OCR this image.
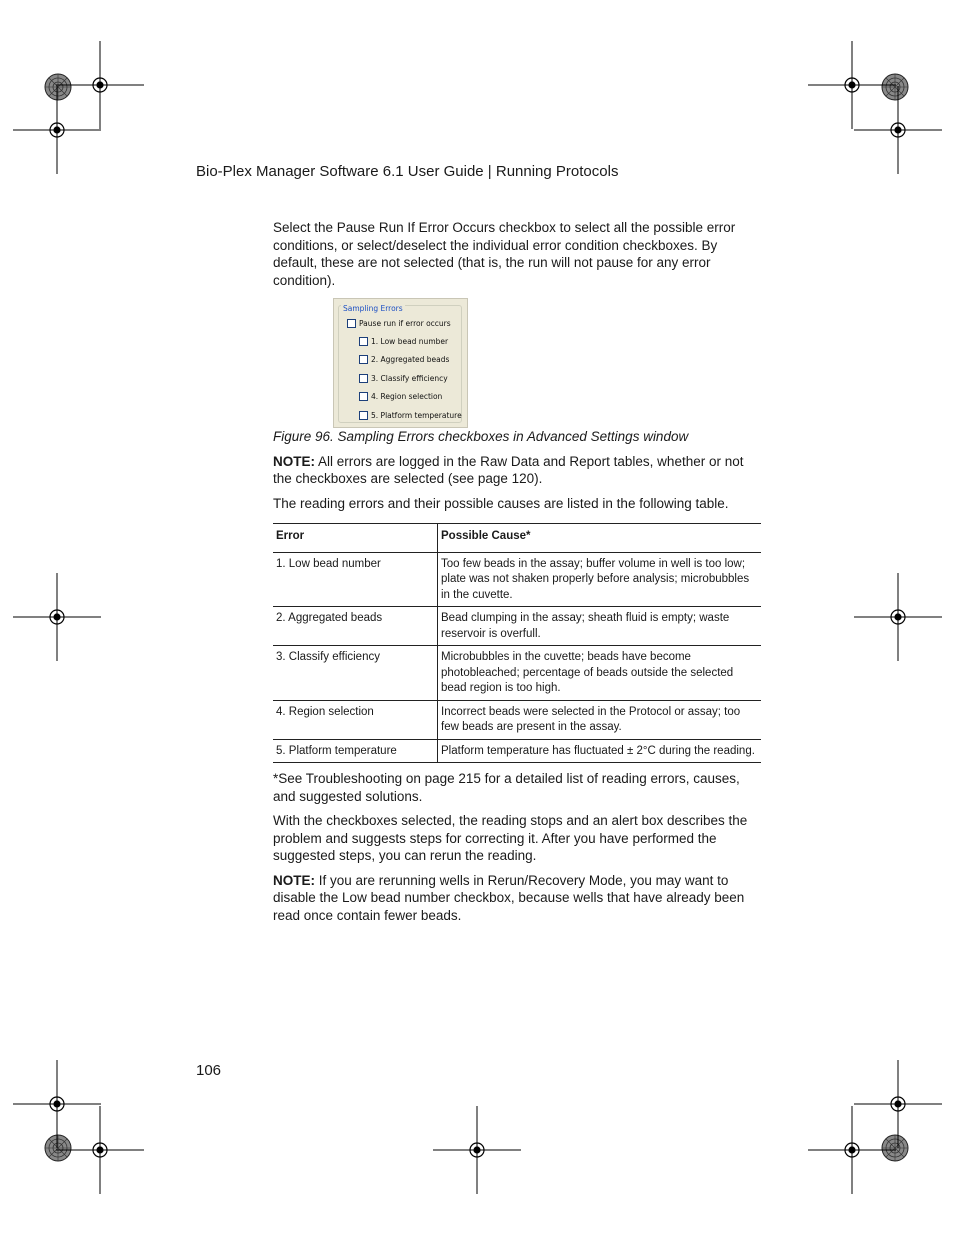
Bio-Plex Manager Software 6.1 User Guide | Running Protocols

Select the Pause Run If Error Occurs checkbox to select all the possible error conditions, or select/deselect the individual error condition checkboxes. By default, these are not selected (that is, the run will not pause for any error condition).

Sampling Errors
Pause run if error occurs
1. Low bead number
2. Aggregated beads
3. Classify efficiency
4. Region selection
5. Platform temperature

Figure 96. Sampling Errors checkboxes in Advanced Settings window

NOTE: All errors are logged in the Raw Data and Report tables, whether or not the checkboxes are selected (see page 120).

The reading errors and their possible causes are listed in the following table.

Error	Possible Cause*
1. Low bead number	Too few beads in the assay; buffer volume in well is too low; plate was not shaken properly before analysis; microbubbles in the cuvette.
2. Aggregated beads	Bead clumping in the assay; sheath fluid is empty; waste reservoir is overfull.
3. Classify efficiency	Microbubbles in the cuvette; beads have become photobleached; percentage of beads outside the selected bead region is too high.
4. Region selection	Incorrect beads were selected in the Protocol or assay; too few beads are present in the assay.
5. Platform temperature	Platform temperature has fluctuated ± 2°C during the reading.

*See Troubleshooting on page 215 for a detailed list of reading errors, causes, and suggested solutions.

With the checkboxes selected, the reading stops and an alert box describes the problem and suggests steps for correcting it. After you have performed the suggested steps, you can rerun the reading.

NOTE: If you are rerunning wells in Rerun/Recovery Mode, you may want to disable the Low bead number checkbox, because wells that have already been read once contain fewer beads.

106
